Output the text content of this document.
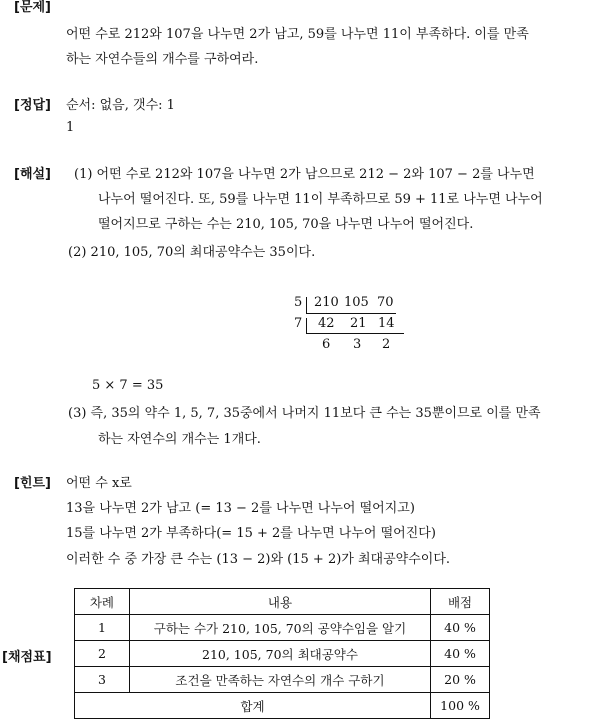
[문제]
어떤 수로 212와 107을 나누면 2가 남고, 59를 나누면 11이 부족하다. 이를 만족
하는 자연수들의 개수를 구하여라.
[정답] 순서: 없음, 갯수: 1
1
[해설] (1) 어떤 수로 212와 107을 나누면 2가 남으므로 212 − 2와 107 − 2를 나누면
나누어 떨어진다. 또, 59를 나누면 11이 부족하므로 59 + 11로 나누면 나누어
떨어지므로 구하는 수는 210, 105, 70을 나누면 나누어 떨어진다.
(2) 210, 105, 70의 최대공약수는 35이다.
5 210 105 70
7 42 21 14
6 3 2
5 × 7 = 35
(3) 즉, 35의 약수 1, 5, 7, 35중에서 나머지 11보다 큰 수는 35뿐이므로 이를 만족
하는 자연수의 개수는 1개다.
[힌트] 어떤 수 x로
13을 나누면 2가 남고 (= 13 − 2를 나누면 나누어 떨어지고)
15를 나누면 2가 부족하다(= 15 + 2를 나누면 나누어 떨어진다)
이러한 수 중 가장 큰 수는 (13 − 2)와 (15 + 2)가 최대공약수이다.
[채점표]
차례	내용	배점
1	구하는 수가 210, 105, 70의 공약수임을 알기	40 %
2	210, 105, 70의 최대공약수	40 %
3	조건을 만족하는 자연수의 개수 구하기	20 %
합계		100 %
